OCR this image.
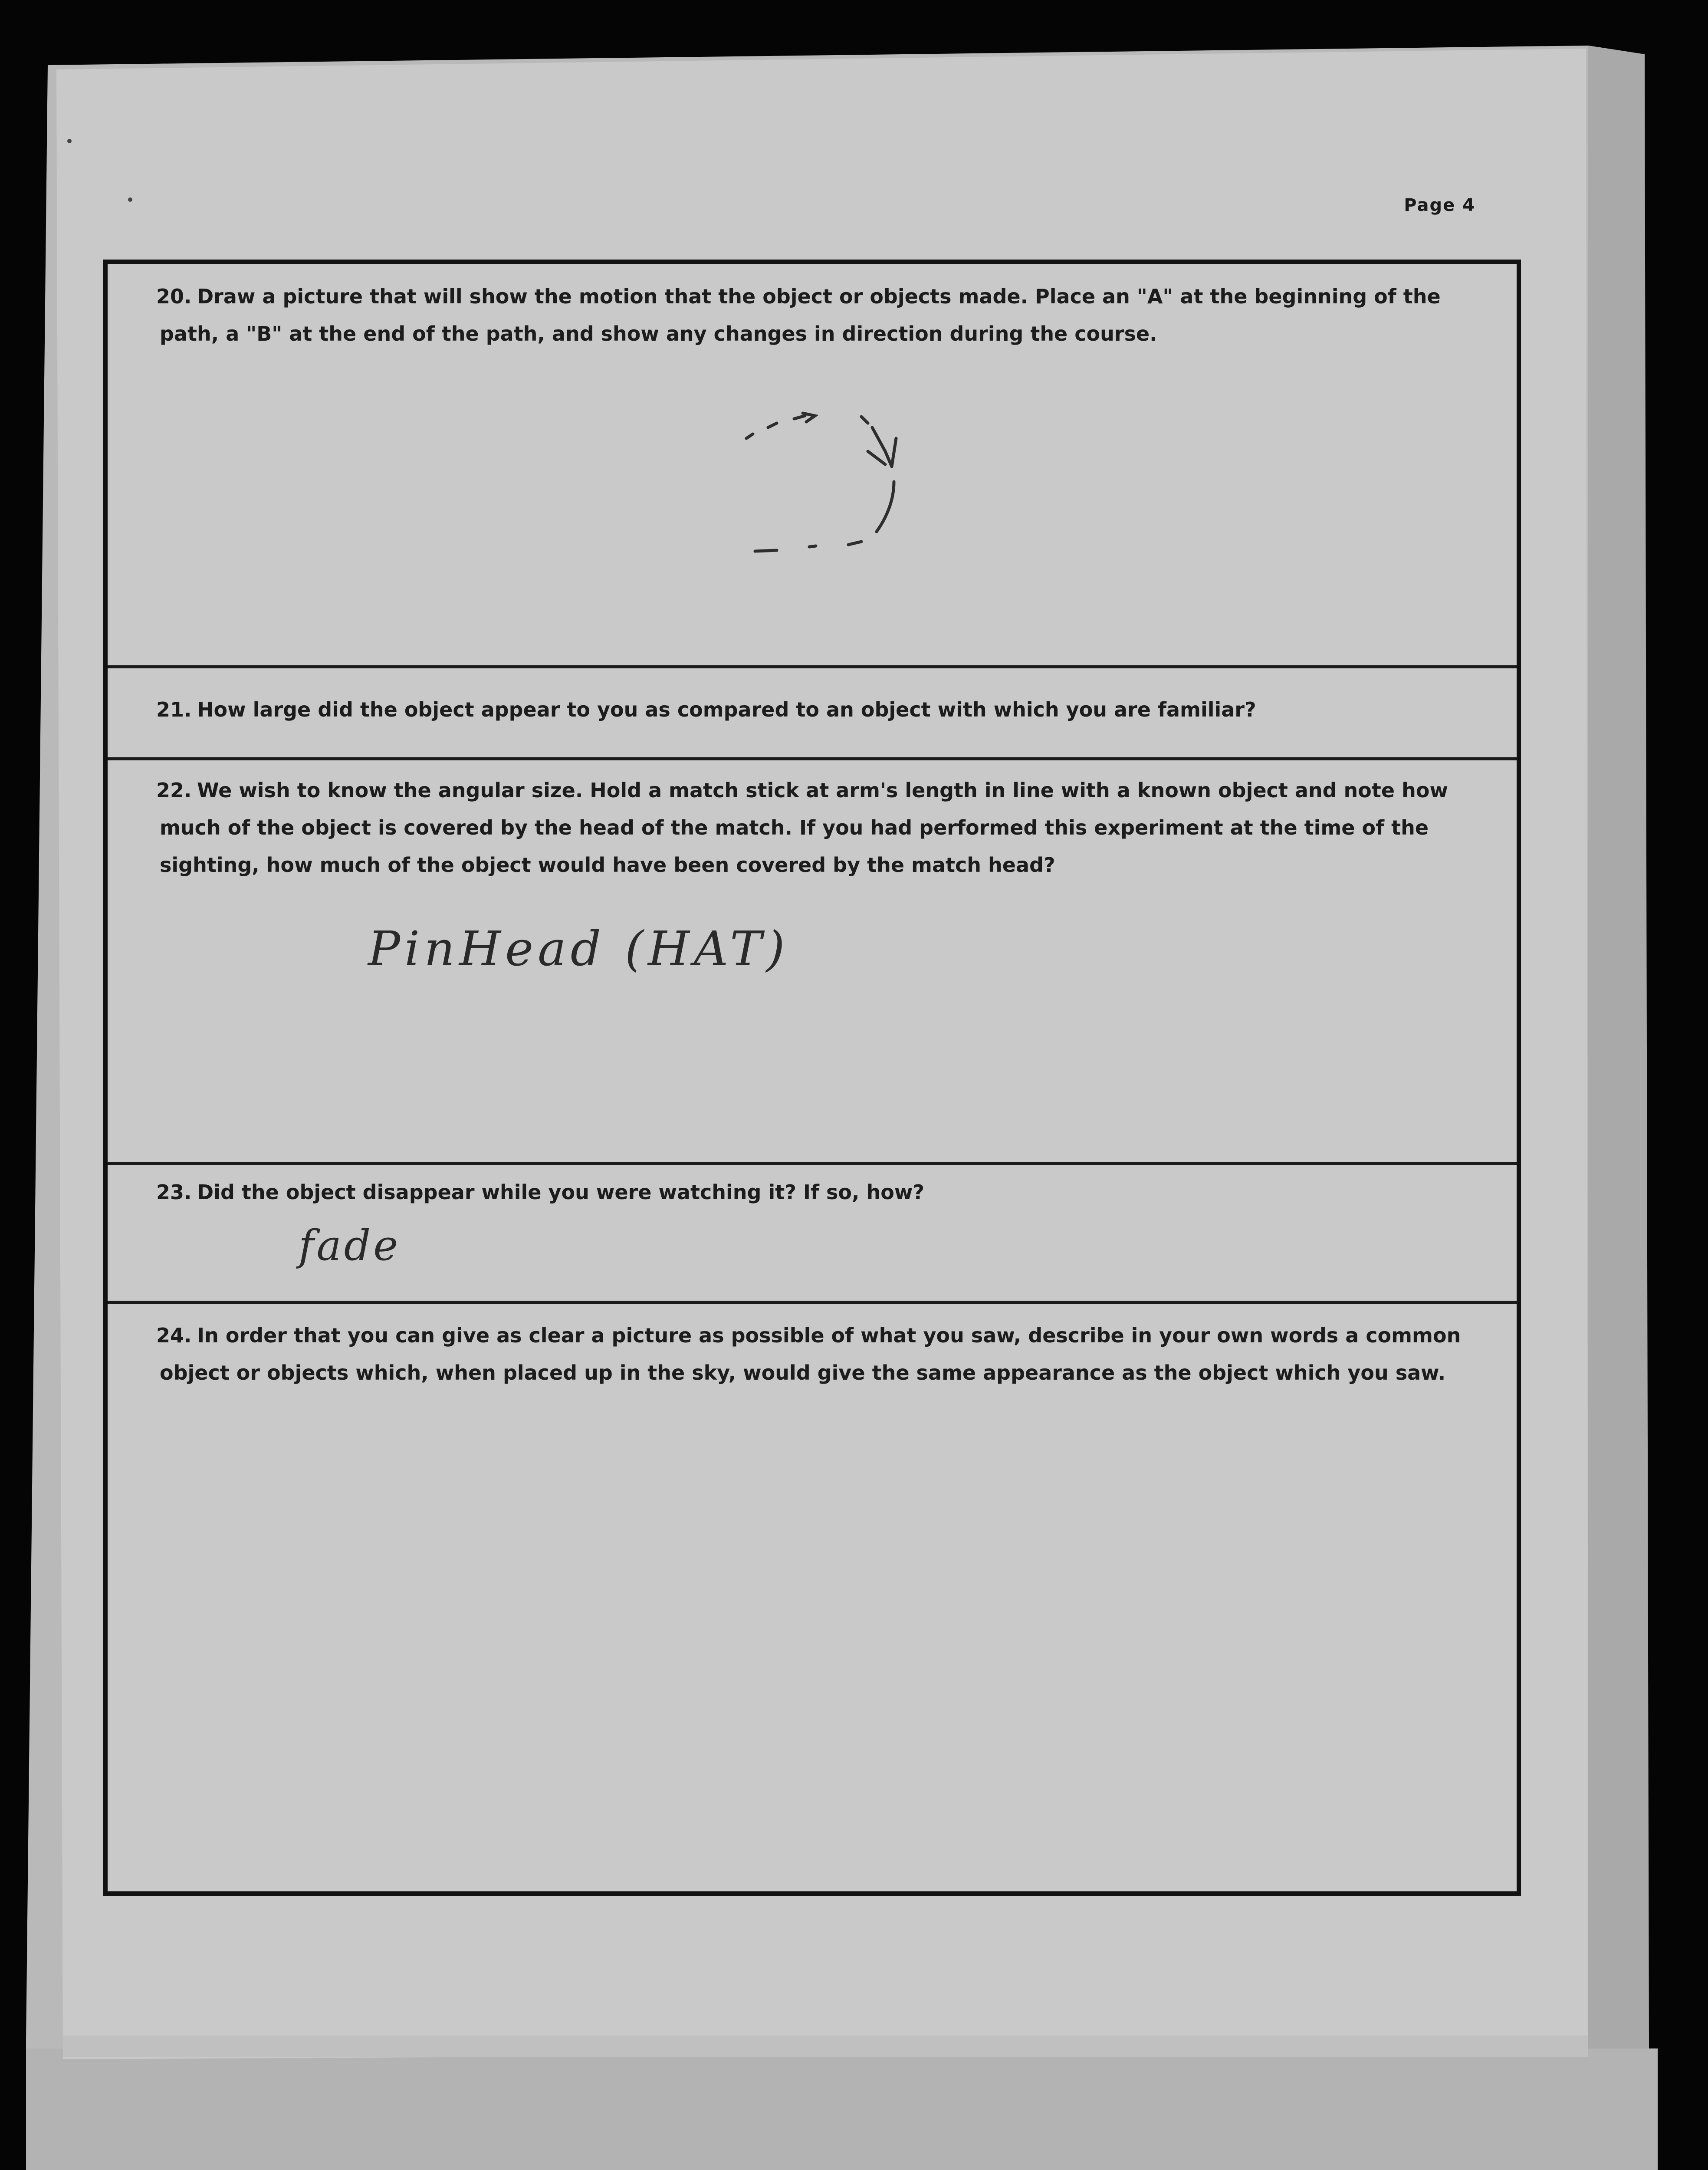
Page 4
20. Draw a picture that will show the motion that the object or objects made. Place an "A" at the beginning of the path, a "B" at the end of the path, and show any changes in direction during the course.
21. How large did the object appear to you as compared to an object with which you are familiar?
22. We wish to know the angular size. Hold a match stick at arm's length in line with a known object and note how much of the object is covered by the head of the match. If you had performed this experiment at the time of the sighting, how much of the object would have been covered by the match head?
PinHead (HAT)
23. Did the object disappear while you were watching it? If so, how?
fade
24. In order that you can give as clear a picture as possible of what you saw, describe in your own words a common object or objects which, when placed up in the sky, would give the same appearance as the object which you saw.
